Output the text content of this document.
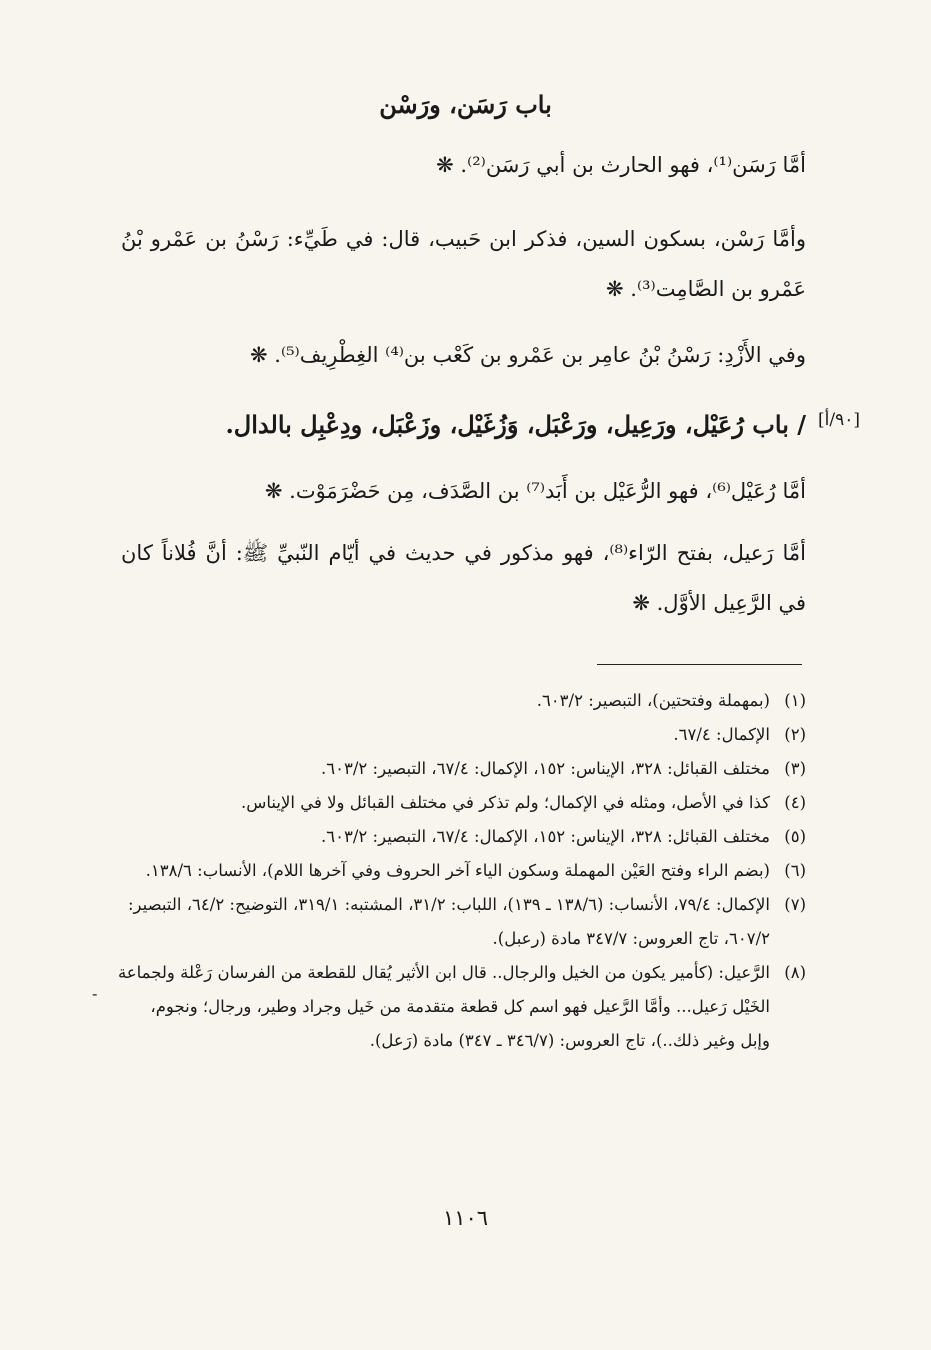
باب رَسَن، ورَسْن
أمَّا رَسَن⁽¹⁾، فهو الحارث بن أبي رَسَن⁽²⁾. ❋
وأمَّا رَسْن، بسكون السين، فذكر ابن حَبيب، قال: في طَيِّء: رَسْنُ بن عَمْرو بْنُ عَمْرو بن الصَّامِت⁽³⁾. ❋
وفي الأَزْدِ: رَسْنُ بْنُ عامِر بن عَمْرو بن كَعْب بن⁽⁴⁾ الغِطْرِيف⁽⁵⁾. ❋
/ باب رُعَيْل، ورَعِيل، ورَعْبَل، وَزُغَيْل، وزَعْبَل، ودِعْبِل بالدال.
أمَّا رُعَيْل⁽⁶⁾، فهو الرُّعَيْل بن أَبَد⁽⁷⁾ بن الصَّدَف، مِن حَضْرَمَوْت. ❋
أمَّا رَعيل، بفتح الرّاء⁽⁸⁾، فهو مذكور في حديث في أيّام النّبيِّ ﷺ: أنَّ فُلاناً كان في الرَّعِيل الأوَّل. ❋
[٩٠/أ]
(١)
(بمهملة وفتحتين)، التبصير: ٦٠٣/٢.
(٢)
الإكمال: ٦٧/٤.
(٣)
مختلف القبائل: ٣٢٨، الإيناس: ١٥٢، الإكمال: ٦٧/٤، التبصير: ٦٠٣/٢.
(٤)
كذا في الأصل، ومثله في الإكمال؛ ولم تذكر في مختلف القبائل ولا في الإيناس.
(٥)
مختلف القبائل: ٣٢٨، الإيناس: ١٥٢، الإكمال: ٦٧/٤، التبصير: ٦٠٣/٢.
(٦)
(بضم الراء وفتح العَيْن المهملة وسكون الياء آخر الحروف وفي آخرها اللام)، الأنساب: ١٣٨/٦.
(٧)
الإكمال: ٧٩/٤، الأنساب: (١٣٨/٦ ـ ١٣٩)، اللباب: ٣١/٢، المشتبه: ٣١٩/١، التوضيح: ٦٤/٢، التبصير: ٦٠٧/٢، تاج العروس: ٣٤٧/٧ مادة (رعبل).
(٨)
الرَّعيل: (كأمير يكون من الخيل والرجال.. قال ابن الأثير يُقال للقطعة من الفرسان رَعْلة ولجماعة الخَيْل رَعيل... وأمَّا الرَّعيل فهو اسم كل قطعة متقدمة من خَيل وجراد وطير، ورجال؛ ونجوم، وإبل وغير ذلك..)، تاج العروس: (٣٤٦/٧ ـ ٣٤٧) مادة (رَعل).
-
١١٠٦
